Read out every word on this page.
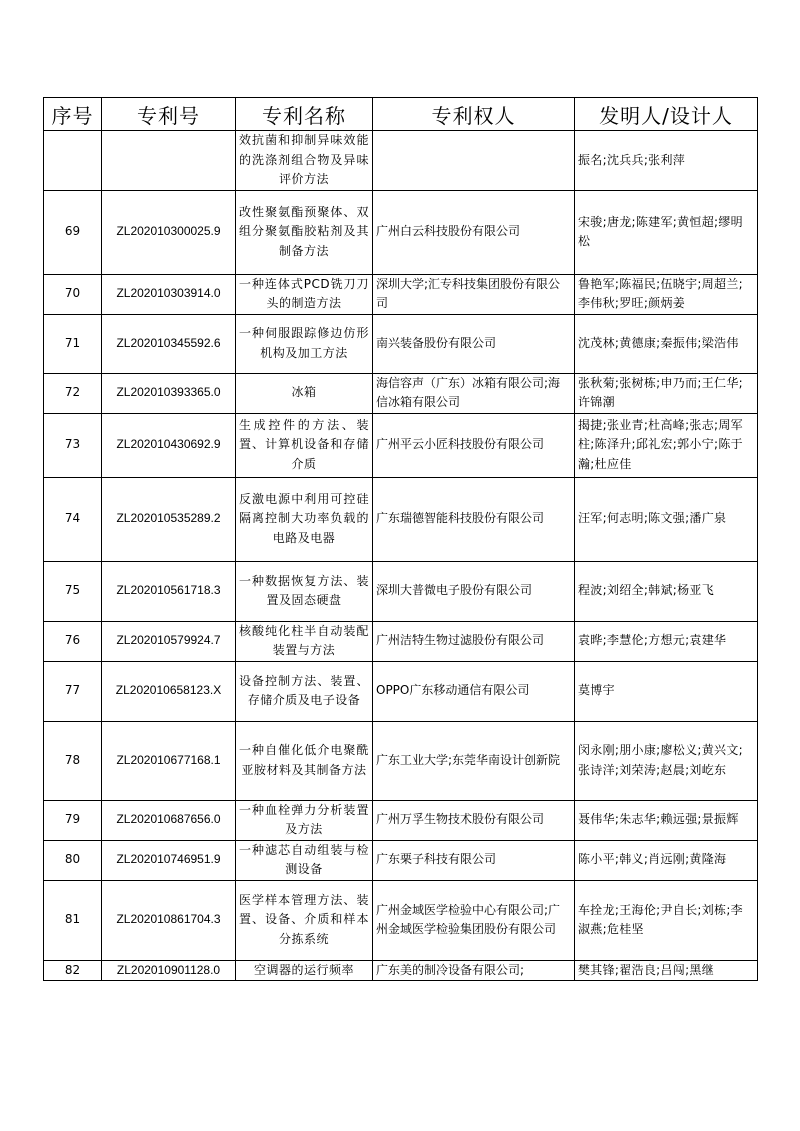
序号	专利号	专利名称	专利权人	发明人/设计人
		效抗菌和抑制异味效能的洗涤剂组合物及异味评价方法		振名;沈兵兵;张利萍
69	ZL202010300025.9	改性聚氨酯预聚体、双组分聚氨酯胶粘剂及其制备方法	广州白云科技股份有限公司	宋骏;唐龙;陈建军;黄恒超;缪明松
70	ZL202010303914.0	一种连体式PCD铣刀刀头的制造方法	深圳大学;汇专科技集团股份有限公司	鲁艳军;陈福民;伍晓宇;周超兰;李伟秋;罗旺;颜炳姜
71	ZL202010345592.6	一种伺服跟踪修边仿形机构及加工方法	南兴装备股份有限公司	沈茂林;黄德康;秦振伟;梁浩伟
72	ZL202010393365.0	冰箱	海信容声（广东）冰箱有限公司;海信冰箱有限公司	张秋菊;张树栋;申乃而;王仁华;许锦潮
73	ZL202010430692.9	生成控件的方法、装置、计算机设备和存储介质	广州平云小匠科技股份有限公司	揭捷;张业青;杜高峰;张志;周军柱;陈泽升;邱礼宏;郭小宁;陈于瀚;杜应佳
74	ZL202010535289.2	反激电源中利用可控硅隔离控制大功率负载的电路及电器	广东瑞德智能科技股份有限公司	汪军;何志明;陈文强;潘广泉
75	ZL202010561718.3	一种数据恢复方法、装置及固态硬盘	深圳大普微电子股份有限公司	程波;刘绍全;韩斌;杨亚飞
76	ZL202010579924.7	核酸纯化柱半自动装配装置与方法	广州洁特生物过滤股份有限公司	袁晔;李慧伦;方想元;袁建华
77	ZL202010658123.X	设备控制方法、装置、存储介质及电子设备	OPPO广东移动通信有限公司	莫博宇
78	ZL202010677168.1	一种自催化低介电聚酰亚胺材料及其制备方法	广东工业大学;东莞华南设计创新院	闵永刚;朋小康;廖松义;黄兴文;张诗洋;刘荣涛;赵晨;刘屹东
79	ZL202010687656.0	一种血栓弹力分析装置及方法	广州万孚生物技术股份有限公司	聂伟华;朱志华;赖远强;景振辉
80	ZL202010746951.9	一种滤芯自动组装与检测设备	广东栗子科技有限公司	陈小平;韩义;肖远刚;黄隆海
81	ZL202010861704.3	医学样本管理方法、装置、设备、介质和样本分拣系统	广州金域医学检验中心有限公司;广州金域医学检验集团股份有限公司	车拴龙;王海伦;尹自长;刘栋;李淑燕;危桂坚
82	ZL202010901128.0	空调器的运行频率	广东美的制冷设备有限公司;	樊其锋;翟浩良;吕闯;黑继
